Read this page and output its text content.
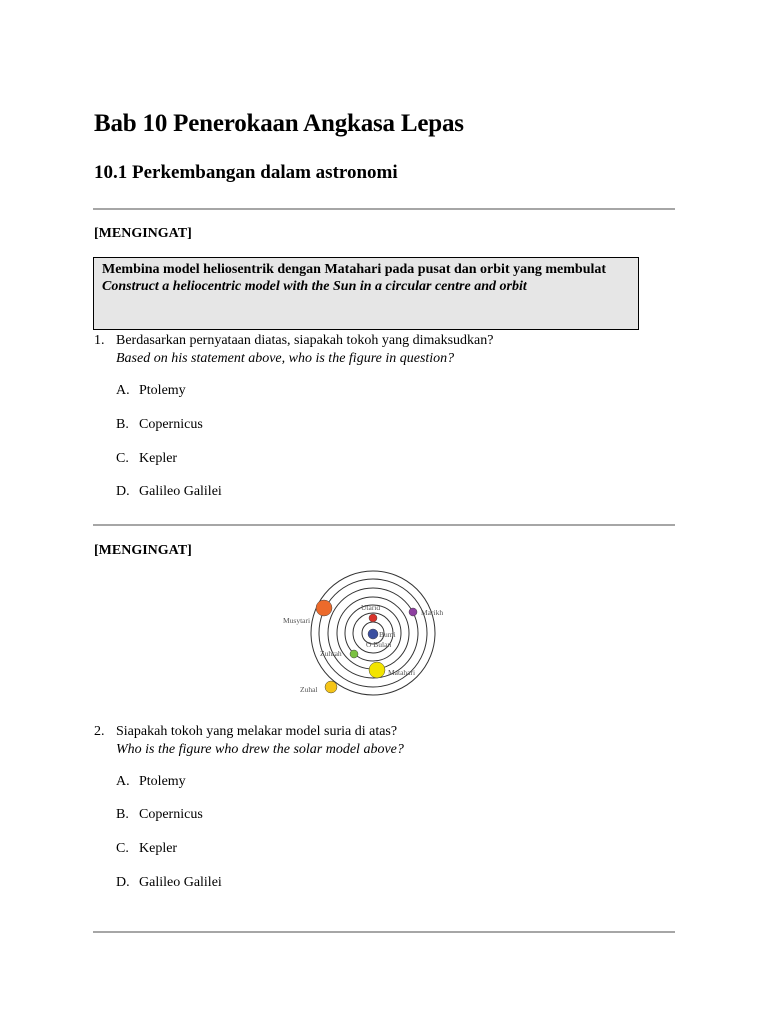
Bab 10 Penerokaan Angkasa Lepas
10.1 Perkembangan dalam astronomi
[MENGINGAT]
Membina model heliosentrik dengan Matahari pada pusat dan orbit yang membulat
Construct a heliocentric model with the Sun in a circular centre and orbit
1. Berdasarkan pernyataan diatas, siapakah tokoh yang dimaksudkan?
Based on his statement above, who is the figure in question?
A. Ptolemy
B. Copernicus
C. Kepler
D. Galileo Galilei
[MENGINGAT]
Utarid
Marikh
Musytari
Bumi
O Bulan
Zuhrah
Matahari
Zuhal
2. Siapakah tokoh yang melakar model suria di atas?
Who is the figure who drew the solar model above?
A. Ptolemy
B. Copernicus
C. Kepler
D. Galileo Galilei
